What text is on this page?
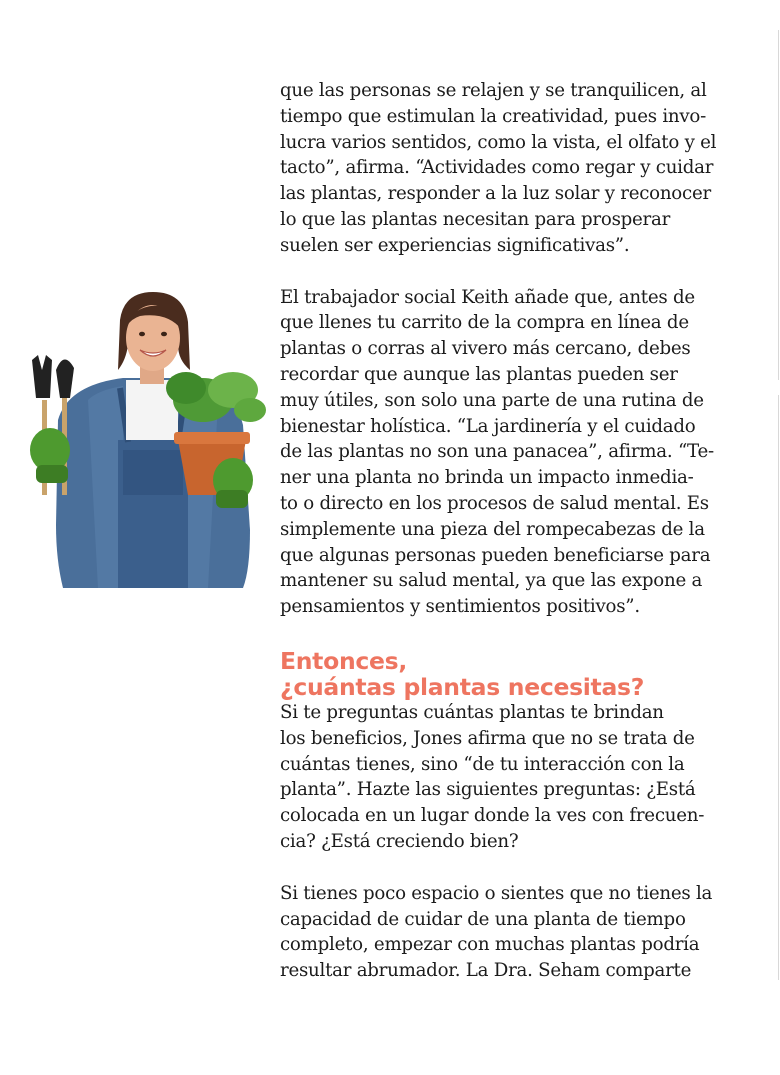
que las personas se relajen y se tranquilicen, al
tiempo que estimulan la creatividad, pues invo-
lucra varios sentidos, como la vista, el olfato y el
tacto”, afirma. “Actividades como regar y cuidar
las plantas, responder a la luz solar y reconocer
lo que las plantas necesitan para prosperar
suelen ser experiencias significativas”.

El trabajador social Keith añade que, antes de
que llenes tu carrito de la compra en línea de
plantas o corras al vivero más cercano, debes
recordar que aunque las plantas pueden ser
muy útiles, son solo una parte de una rutina de
bienestar holística. “La jardinería y el cuidado
de las plantas no son una panacea”, afirma. “Te-
ner una planta no brinda un impacto inmedia-
to o directo en los procesos de salud mental. Es
simplemente una pieza del rompecabezas de la
que algunas personas pueden beneficiarse para
mantener su salud mental, ya que las expone a
pensamientos y sentimientos positivos”.

Entonces,
¿cuántas plantas necesitas?

Si te preguntas cuántas plantas te brindan
los beneficios, Jones afirma que no se trata de
cuántas tienes, sino “de tu interacción con la
planta”. Hazte las siguientes preguntas: ¿Está
colocada en un lugar donde la ves con frecuen-
cia? ¿Está creciendo bien?

Si tienes poco espacio o sientes que no tienes la
capacidad de cuidar de una planta de tiempo
completo, empezar con muchas plantas podría
resultar abrumador. La Dra. Seham comparte
